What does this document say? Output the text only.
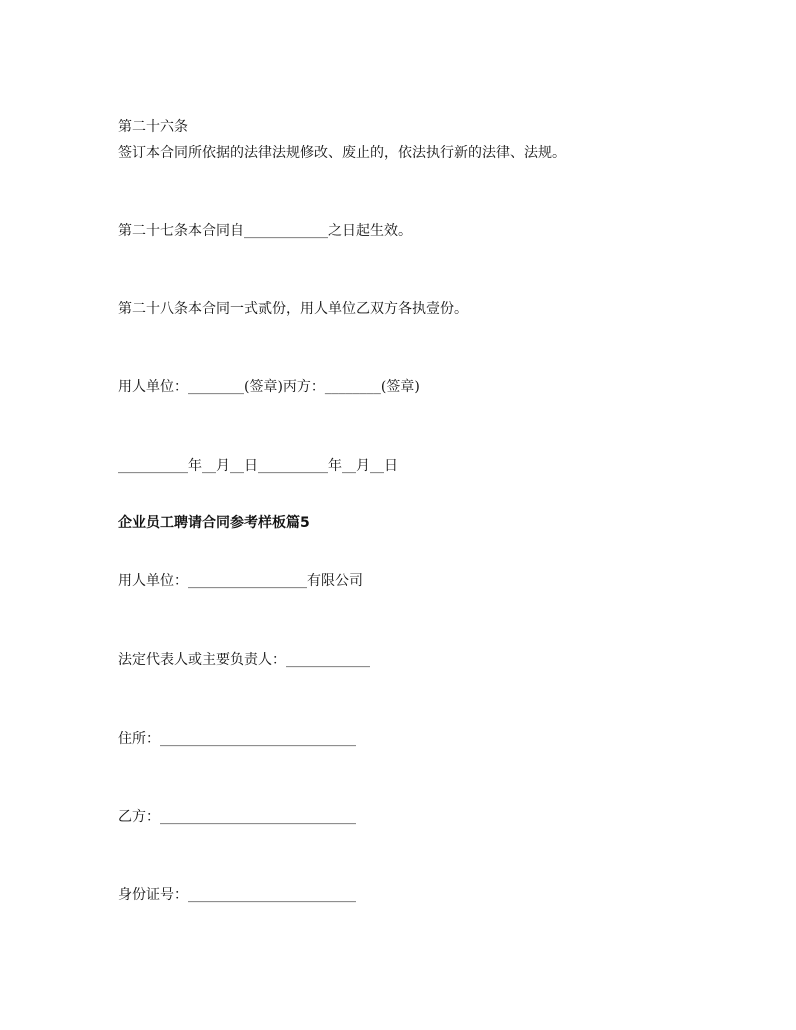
第二十六条
签订本合同所依据的法律法规修改、废止的，依法执行新的法律、法规。
第二十七条本合同自____________之日起生效。
第二十八条本合同一式贰份，用人单位乙双方各执壹份。
用人单位：________(签章)丙方：________(签章)
__________年__月__日__________年__月__日
企业员工聘请合同参考样板篇5
用人单位：_________________有限公司
法定代表人或主要负责人：____________
住所：____________________________
乙方：____________________________
身份证号：________________________
